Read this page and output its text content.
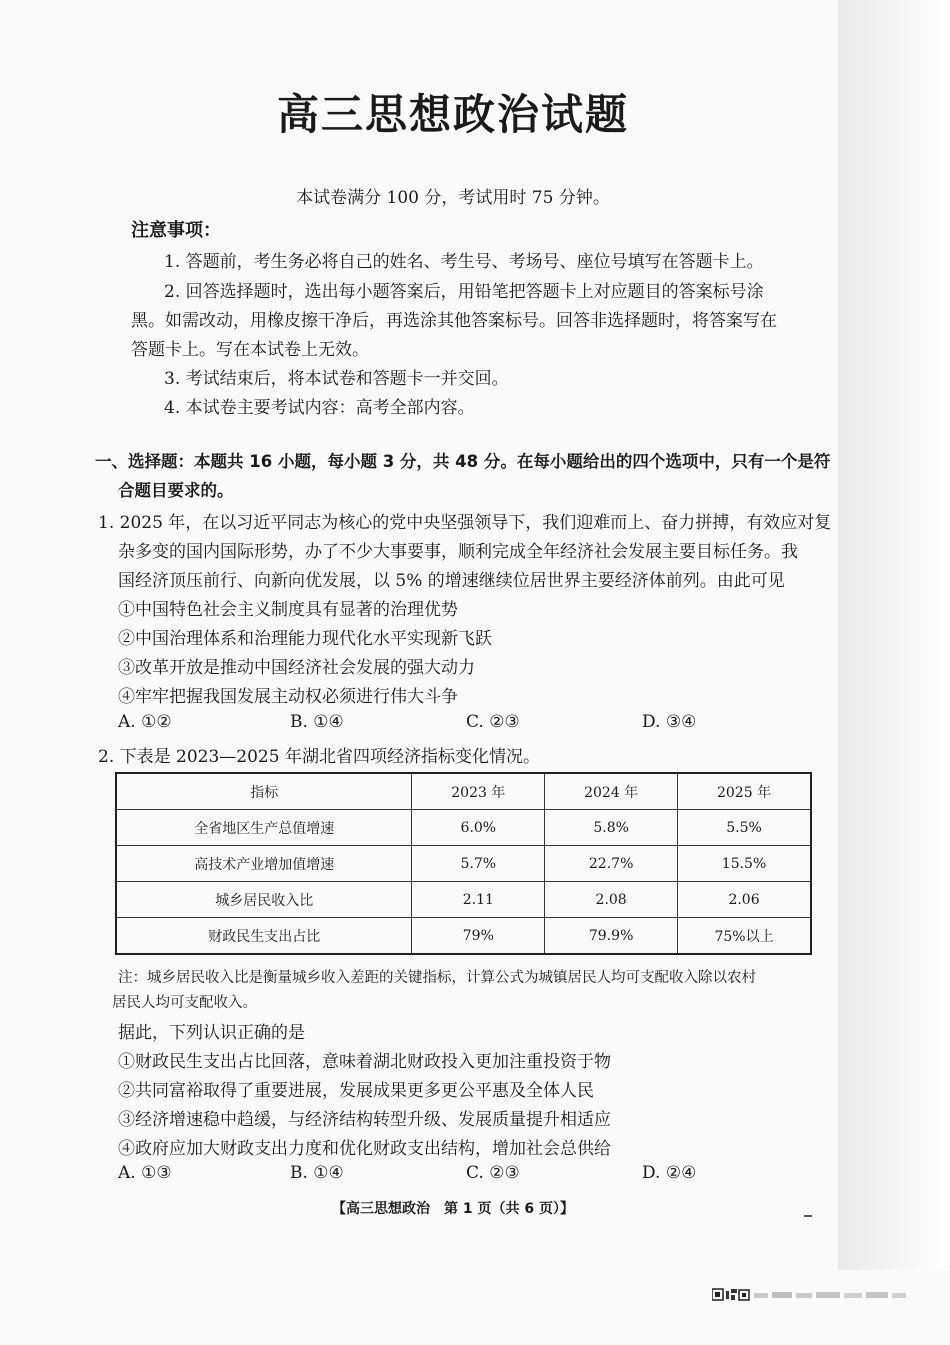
高三思想政治试题
本试卷满分 100 分，考试用时 75 分钟。
注意事项：
1. 答题前，考生务必将自己的姓名、考生号、考场号、座位号填写在答题卡上。
2. 回答选择题时，选出每小题答案后，用铅笔把答题卡上对应题目的答案标号涂
黑。如需改动，用橡皮擦干净后，再选涂其他答案标号。回答非选择题时，将答案写在
答题卡上。写在本试卷上无效。
3. 考试结束后，将本试卷和答题卡一并交回。
4. 本试卷主要考试内容：高考全部内容。
一、选择题：本题共 16 小题，每小题 3 分，共 48 分。在每小题给出的四个选项中，只有一个是符
合题目要求的。
1. 2025 年，在以习近平同志为核心的党中央坚强领导下，我们迎难而上、奋力拼搏，有效应对复
杂多变的国内国际形势，办了不少大事要事，顺利完成全年经济社会发展主要目标任务。我
国经济顶压前行、向新向优发展，以 5% 的增速继续位居世界主要经济体前列。由此可见
①中国特色社会主义制度具有显著的治理优势
②中国治理体系和治理能力现代化水平实现新飞跃
③改革开放是推动中国经济社会发展的强大动力
④牢牢把握我国发展主动权必须进行伟大斗争
A. ①②	B. ①④	C. ②③	D. ③④
2. 下表是 2023—2025 年湖北省四项经济指标变化情况。
指标	2023 年	2024 年	2025 年
全省地区生产总值增速	6.0%	5.8%	5.5%
高技术产业增加值增速	5.7%	22.7%	15.5%
城乡居民收入比	2.11	2.08	2.06
财政民生支出占比	79%	79.9%	75%以上
注：城乡居民收入比是衡量城乡收入差距的关键指标，计算公式为城镇居民人均可支配收入除以农村
居民人均可支配收入。
据此，下列认识正确的是
①财政民生支出占比回落，意味着湖北财政投入更加注重投资于物
②共同富裕取得了重要进展，发展成果更多更公平惠及全体人民
③经济增速稳中趋缓，与经济结构转型升级、发展质量提升相适应
④政府应加大财政支出力度和优化财政支出结构，增加社会总供给
A. ①③	B. ①④	C. ②③	D. ②④
【高三思想政治　第 1 页（共 6 页）】
